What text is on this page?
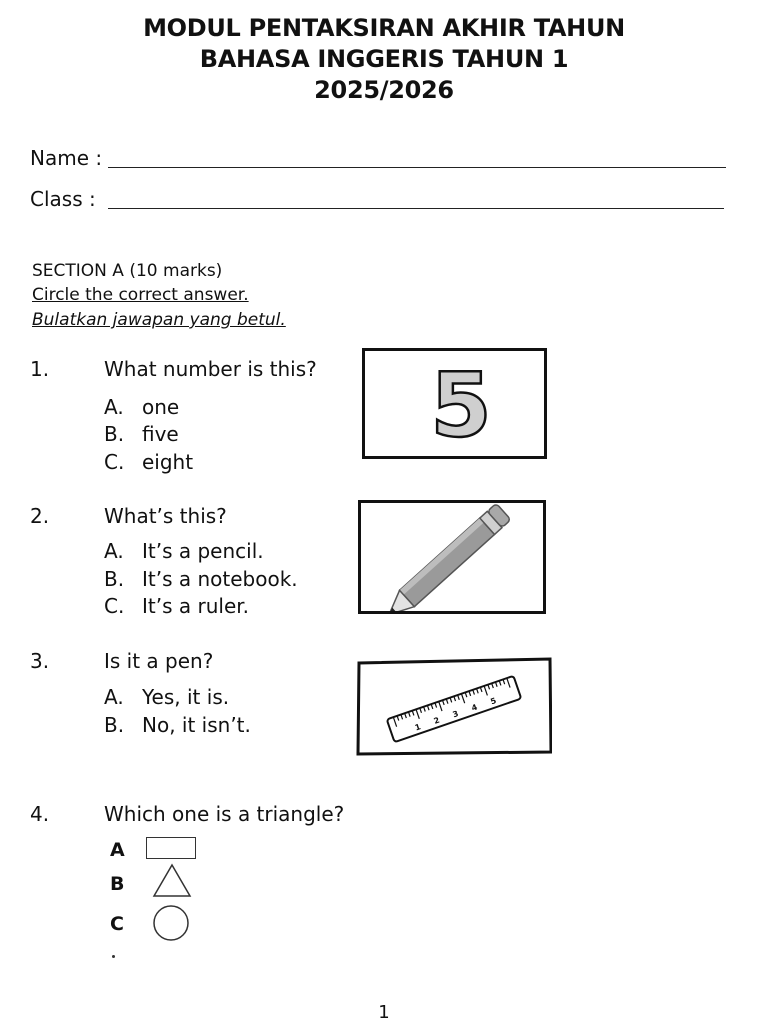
MODUL PENTAKSIRAN AKHIR TAHUN
BAHASA INGGERIS TAHUN 1
2025/2026
Name :
Class :
SECTION A (10 marks)
Circle the correct answer.
Bulatkan jawapan yang betul.
1.	What number is this?
A. one
B. five
C. eight
5
2.	What’s this?
A. It’s a pencil.
B. It’s a notebook.
C. It’s a ruler.
3.	Is it a pen?
A. Yes, it is.
B. No, it isn’t.	1
2
3
4
5
4.	Which one is a triangle?
A
B
C
1
